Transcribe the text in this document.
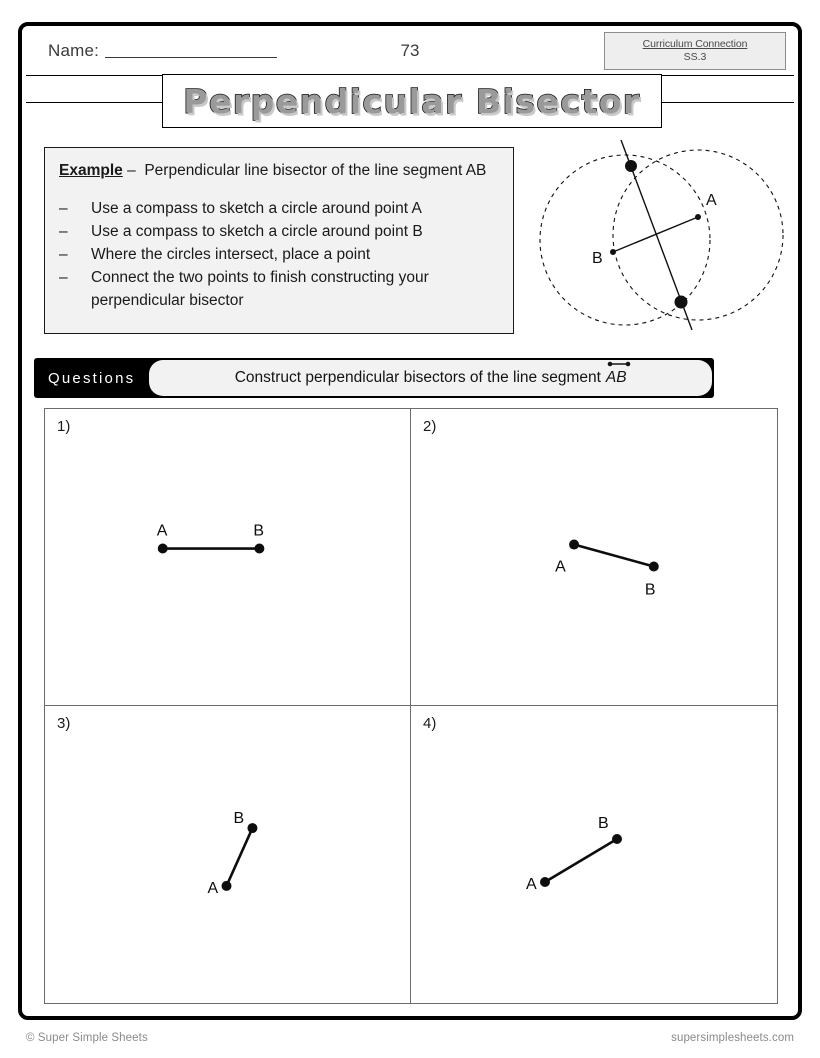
Name:	73	Curriculum Connection
SS.3
Perpendicular Bisector
Example – Perpendicular line bisector of the line segment AB
–	Use a compass to sketch a circle around point A
–	Use a compass to sketch a circle around point B
–	Where the circles intersect, place a point
–	Connect the two points to finish constructing your perpendicular bisector
A
B
Questions	Construct perpendicular bisectors of the line segment AB
1)
A	B
2)
A
B
3)
A
B
4)
A
B
© Super Simple Sheets	supersimplesheets.com
